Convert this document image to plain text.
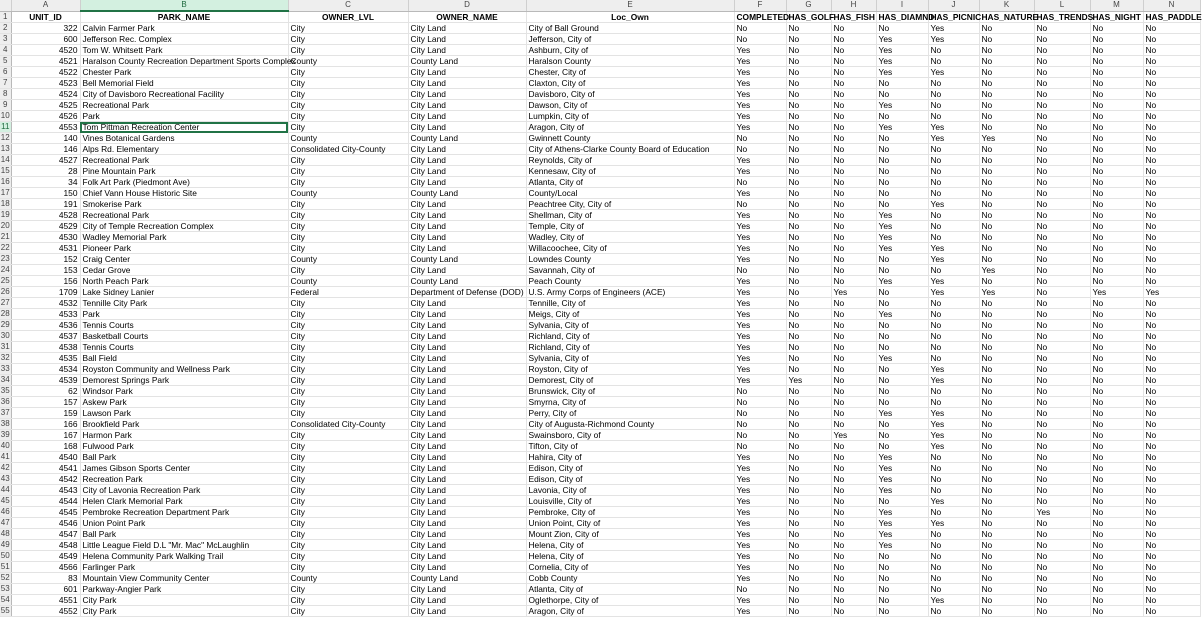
	A	B	C	D	E	F	G	H	I	J	K	L	M	N
1	UNIT_ID	PARK_NAME	OWNER_LVL	OWNER_NAME	Loc_Own	COMPLETED	HAS_GOLF	HAS_FISH	HAS_DIAMND	HAS_PICNIC	HAS_NATURE	HAS_TRENDS	HAS_NIGHT	HAS_PADDLE
2	322	Calvin Farmer Park	City	City Land	City of Ball Ground	No	No	No	No	Yes	No	No	No	No
3	600	Jefferson Rec. Complex	City	City Land	Jefferson, City of	No	No	No	Yes	Yes	No	No	No	No
4	4520	Tom W. Whitsett Park	City	City Land	Ashburn, City of	Yes	No	No	Yes	No	No	No	No	No
5	4521	Haralson County Recreation Department Sports Complex	County	County Land	Haralson County	Yes	No	No	Yes	No	No	No	No	No
6	4522	Chester Park	City	City Land	Chester, City of	Yes	No	No	Yes	Yes	No	No	No	No
7	4523	Bell Memorial Field	City	City Land	Claxton, City of	Yes	No	No	No	No	No	No	No	No
8	4524	City of Davisboro Recreational Facility	City	City Land	Davisboro, City of	Yes	No	No	No	No	No	No	No	No
9	4525	Recreational Park	City	City Land	Dawson, City of	Yes	No	No	Yes	No	No	No	No	No
10	4526	Park	City	City Land	Lumpkin, City of	Yes	No	No	No	No	No	No	No	No
11	4553	Tom Pittman Recreation Center	City	City Land	Aragon, City of	Yes	No	No	Yes	Yes	No	No	No	No
12	140	Vines Botanical Gardens	County	County Land	Gwinnett County	No	No	No	No	Yes	Yes	No	No	No
13	146	Alps Rd. Elementary	Consolidated City-County	City Land	City of Athens-Clarke County Board of Education	No	No	No	No	No	No	No	No	No
14	4527	Recreational Park	City	City Land	Reynolds, City of	Yes	No	No	No	No	No	No	No	No
15	28	Pine Mountain Park	City	City Land	Kennesaw, City of	Yes	No	No	No	No	No	No	No	No
16	34	Folk Art Park (Piedmont Ave)	City	City Land	Atlanta, City of	No	No	No	No	No	No	No	No	No
17	150	Chief Vann House Historic Site	County	County Land	County/Local	Yes	No	No	No	No	No	No	No	No
18	191	Smokerise Park	City	City Land	Peachtree City, City of	No	No	No	No	Yes	No	No	No	No
19	4528	Recreational Park	City	City Land	Shellman, City of	Yes	No	No	Yes	No	No	No	No	No
20	4529	City of Temple Recreation Complex	City	City Land	Temple, City of	Yes	No	No	Yes	No	No	No	No	No
21	4530	Wadley Memorial Park	City	City Land	Wadley, City of	Yes	No	No	Yes	No	No	No	No	No
22	4531	Pioneer Park	City	City Land	Willacoochee, City of	Yes	No	No	Yes	Yes	No	No	No	No
23	152	Craig Center	County	County Land	Lowndes County	Yes	No	No	No	Yes	No	No	No	No
24	153	Cedar Grove	City	City Land	Savannah, City of	No	No	No	No	No	Yes	No	No	No
25	156	North Peach Park	County	County Land	Peach County	Yes	No	No	Yes	Yes	No	No	No	No
26	1709	Lake Sidney Lanier	Federal	Department of Defense (DOD)	U.S. Army Corps of Engineers (ACE)	Yes	No	Yes	No	Yes	Yes	No	Yes	Yes
27	4532	Tennille City Park	City	City Land	Tennille, City of	Yes	No	No	No	No	No	No	No	No
28	4533	Park	City	City Land	Meigs, City of	Yes	No	No	Yes	No	No	No	No	No
29	4536	Tennis Courts	City	City Land	Sylvania, City of	Yes	No	No	No	No	No	No	No	No
30	4537	Basketball Courts	City	City Land	Richland, City of	Yes	No	No	No	No	No	No	No	No
31	4538	Tennis Courts	City	City Land	Richland, City of	Yes	No	No	No	No	No	No	No	No
32	4535	Ball Field	City	City Land	Sylvania, City of	Yes	No	No	Yes	No	No	No	No	No
33	4534	Royston Community and Wellness Park	City	City Land	Royston, City of	Yes	No	No	No	Yes	No	No	No	No
34	4539	Demorest Springs Park	City	City Land	Demorest, City of	Yes	Yes	No	No	Yes	No	No	No	No
35	62	Windsor Park	City	City Land	Brunswick, City of	No	No	No	No	No	No	No	No	No
36	157	Askew Park	City	City Land	Smyrna, City of	No	No	No	No	No	No	No	No	No
37	159	Lawson Park	City	City Land	Perry, City of	No	No	No	Yes	Yes	No	No	No	No
38	166	Brookfield Park	Consolidated City-County	City Land	City of Augusta-Richmond County	No	No	No	No	Yes	No	No	No	No
39	167	Harmon Park	City	City Land	Swainsboro, City of	No	No	Yes	No	Yes	No	No	No	No
40	168	Fulwood Park	City	City Land	Tifton, City of	No	No	No	No	Yes	No	No	No	No
41	4540	Ball Park	City	City Land	Hahira, City of	Yes	No	No	Yes	No	No	No	No	No
42	4541	James Gibson Sports Center	City	City Land	Edison, City of	Yes	No	No	Yes	No	No	No	No	No
43	4542	Recreation Park	City	City Land	Edison, City of	Yes	No	No	Yes	No	No	No	No	No
44	4543	City of Lavonia Recreation Park	City	City Land	Lavonia, City of	Yes	No	No	Yes	No	No	No	No	No
45	4544	Helen Clark Memorial Park	City	City Land	Louisville, City of	Yes	No	No	No	Yes	No	No	No	No
46	4545	Pembroke Recreation Department Park	City	City Land	Pembroke, City of	Yes	No	No	Yes	No	No	Yes	No	No
47	4546	Union Point Park	City	City Land	Union Point, City of	Yes	No	No	Yes	Yes	No	No	No	No
48	4547	Ball Park	City	City Land	Mount Zion, City of	Yes	No	No	Yes	No	No	No	No	No
49	4548	Little League Field D.L "Mr. Mac" McLaughlin	City	City Land	Helena, City of	Yes	No	No	Yes	No	No	No	No	No
50	4549	Helena Community Park Walking Trail	City	City Land	Helena, City of	Yes	No	No	No	No	No	No	No	No
51	4566	Farlinger Park	City	City Land	Cornelia, City of	Yes	No	No	No	No	No	No	No	No
52	83	Mountain View Community Center	County	County Land	Cobb County	Yes	No	No	No	No	No	No	No	No
53	601	Parkway-Angier Park	City	City Land	Atlanta, City of	No	No	No	No	No	No	No	No	No
54	4551	City Park	City	City Land	Oglethorpe, City of	Yes	No	No	No	Yes	No	No	No	No
55	4552	City Park	City	City Land	Aragon, City of	Yes	No	No	No	No	No	No	No	No
